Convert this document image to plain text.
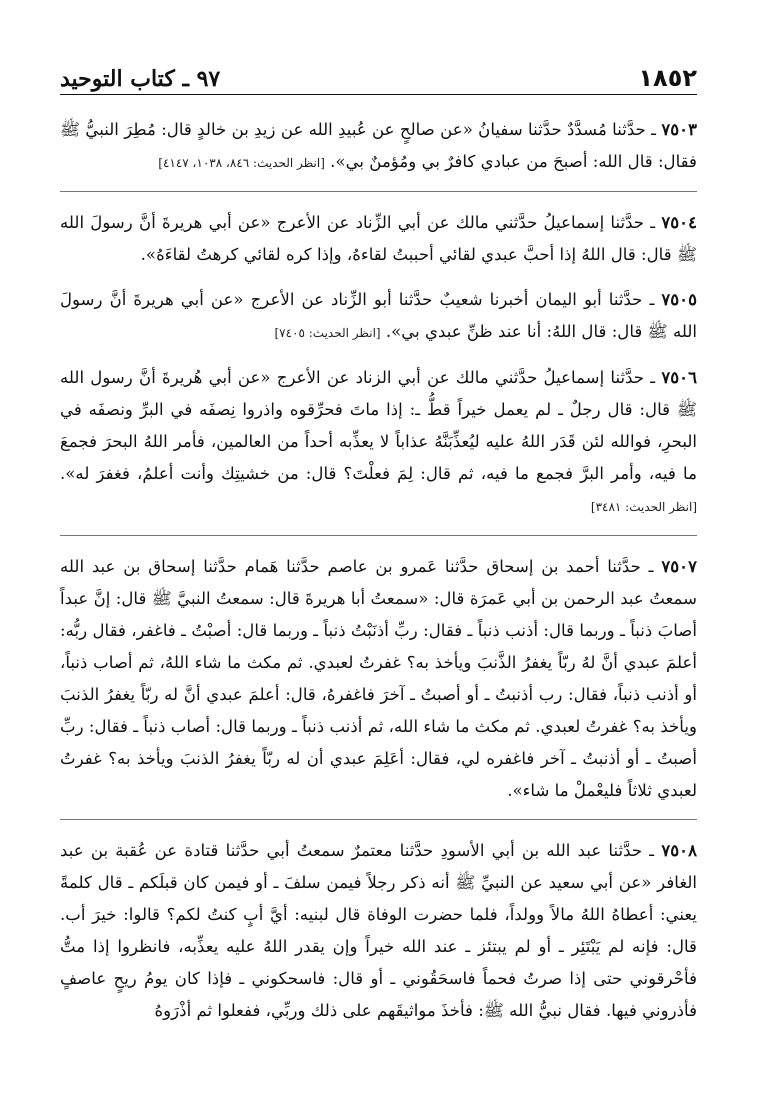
١٨٥٢
٩٧ ـ كتاب التوحيد

٧٥٠٣ ـ حدَّثنا مُسدَّدٌ حدَّثنا سفيانُ «عن صالحٍ عن عُبيدِ الله عن زيدِ بن خالدٍ قال: مُطِرَ النبيُّ ﷺ فقال: قال الله: أصبحَ من عبادي كافرٌ بي ومُؤمنٌ بي». [انظر الحديث: ٨٤٦، ١٠٣٨، ٤١٤٧]

٧٥٠٤ ـ حدَّثنا إسماعيلُ حدَّثني مالك عن أبي الزِّناد عن الأعرج «عن أبي هريرةَ أنَّ رسولَ الله ﷺ قال: قال اللهُ إذا أحبَّ عبدي لقائي أحببتُ لقاءهُ، وإذا كره لقائي كرهتُ لقاءَهُ».

٧٥٠٥ ـ حدَّثنا أبو اليمان أخبرنا شعيبٌ حدَّثنا أبو الزِّناد عن الأعرج «عن أبي هريرةَ أنَّ رسولَ الله ﷺ قال: قال اللهُ: أنا عند ظنِّ عبدي بي». [انظر الحديث: ٧٤٠٥]

٧٥٠٦ ـ حدَّثنا إسماعيلُ حدَّثني مالك عن أبي الزناد عن الأعرج «عن أبي هُريرةَ أنَّ رسول الله ﷺ قال: قال رجلٌ ـ لم يعمل خيراً قطُّ ـ: إذا ماتَ فحرِّقوه واذروا نِصفَه في البرِّ ونصفَه في البحرِ، فوالله لئن قَدَر اللهُ عليه ليُعذِّبَنَّهُ عذاباً لا يعذِّبه أحداً من العالمين، فأمر اللهُ البحرَ فجمعَ ما فيه، وأمر البرَّ فجمع ما فيه، ثم قال: لِمَ فعلْتَ؟ قال: من خشيتِك وأنت أعلمُ، فغفرَ له». [انظر الحديث: ٣٤٨١]

٧٥٠٧ ـ حدَّثنا أحمد بن إسحاق حدَّثنا عَمرو بن عاصم حدَّثنا هَمام حدَّثنا إسحاق بن عبد الله سمعتُ عبد الرحمن بن أبي عَمرَة قال: «سمعتُ أبا هريرةَ قال: سمعتُ النبيَّ ﷺ قال: إنَّ عبداً أصابَ ذنباً ـ وربما قال: أذنب ذنباً ـ فقال: ربِّ أذنَبْتُ ذنباً ـ وربما قال: أصبْتُ ـ فاغفر، فقال ربُّه: أعلمَ عبدي أنَّ لهُ ربّاً يغفرُ الذَّنبَ ويأخذ به؟ غفرتُ لعبدي. ثم مكث ما شاء اللهُ، ثم أصاب ذنباً، أو أذنب ذنباً، فقال: رب أذنبتُ ـ أو أصبتُ ـ آخرَ فاغفرهُ، قال: أعلمَ عبدي أنَّ له ربّاً يغفرُ الذنبَ ويأخذ به؟ غفرتُ لعبدي. ثم مكث ما شاء الله، ثم أذنب ذنباً ـ وربما قال: أصاب ذنباً ـ فقال: ربِّ أصبتُ ـ أو أذنبتُ ـ آخر فاغفره لي، فقال: أعَلِمَ عبدي أن له ربّاً يغفرُ الذنبَ ويأخذ به؟ غفرتُ لعبدي ثلاثاً فليعْملْ ما شاء».

٧٥٠٨ ـ حدَّثنا عبد الله بن أبي الأسودِ حدَّثنا معتمرٌ سمعتُ أبي حدَّثنا قتادة عن عُقبة بن عبد الغافر «عن أبي سعيد عن النبيِّ ﷺ أنه ذكر رجلاً فيمن سلفَ ـ أو فيمن كان قبلَكم ـ قال كلمةً يعني: أعطاهُ اللهُ مالاً وولداً، فلما حضرت الوفاة قال لبنيه: أيَّ أبٍ كنتُ لكم؟ قالوا: خيرَ أب. قال: فإنه لم يَبْتَئِر ـ أو لم يبتئز ـ عند الله خيراً وإن يقدر اللهُ عليه يعذِّبه، فانظروا إذا متُّ فأحْرقوني حتى إذا صرتُ فحماً فاسحَقُوني ـ أو قال: فاسحكوني ـ فإذا كان يومُ ريحٍ عاصفٍ فأذروني فيها. فقال نبيُّ الله ﷺ: فأخذَ مواثيقَهم على ذلك وربِّي، ففعلوا ثم أذْرَوهُ
